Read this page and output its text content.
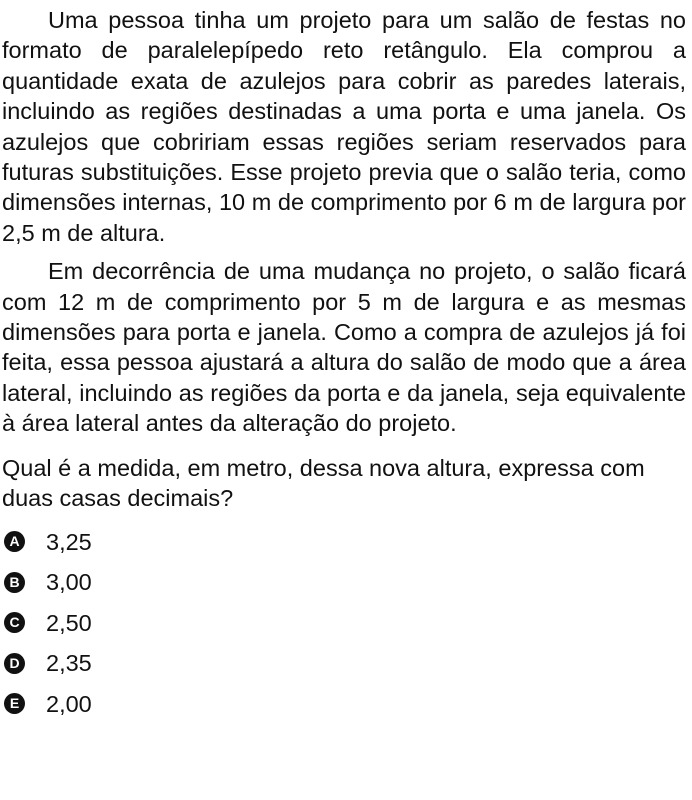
Uma pessoa tinha um projeto para um salão de festas no formato de paralelepípedo reto retângulo. Ela comprou a quantidade exata de azulejos para cobrir as paredes laterais, incluindo as regiões destinadas a uma porta e uma janela. Os azulejos que cobririam essas regiões seriam reservados para futuras substituições. Esse projeto previa que o salão teria, como dimensões internas, 10 m de comprimento por 6 m de largura por 2,5 m de altura.

Em decorrência de uma mudança no projeto, o salão ficará com 12 m de comprimento por 5 m de largura e as mesmas dimensões para porta e janela. Como a compra de azulejos já foi feita, essa pessoa ajustará a altura do salão de modo que a área lateral, incluindo as regiões da porta e da janela, seja equivalente à área lateral antes da alteração do projeto.

Qual é a medida, em metro, dessa nova altura, expressa com duas casas decimais?

A 3,25
B 3,00
C 2,50
D 2,35
E 2,00
